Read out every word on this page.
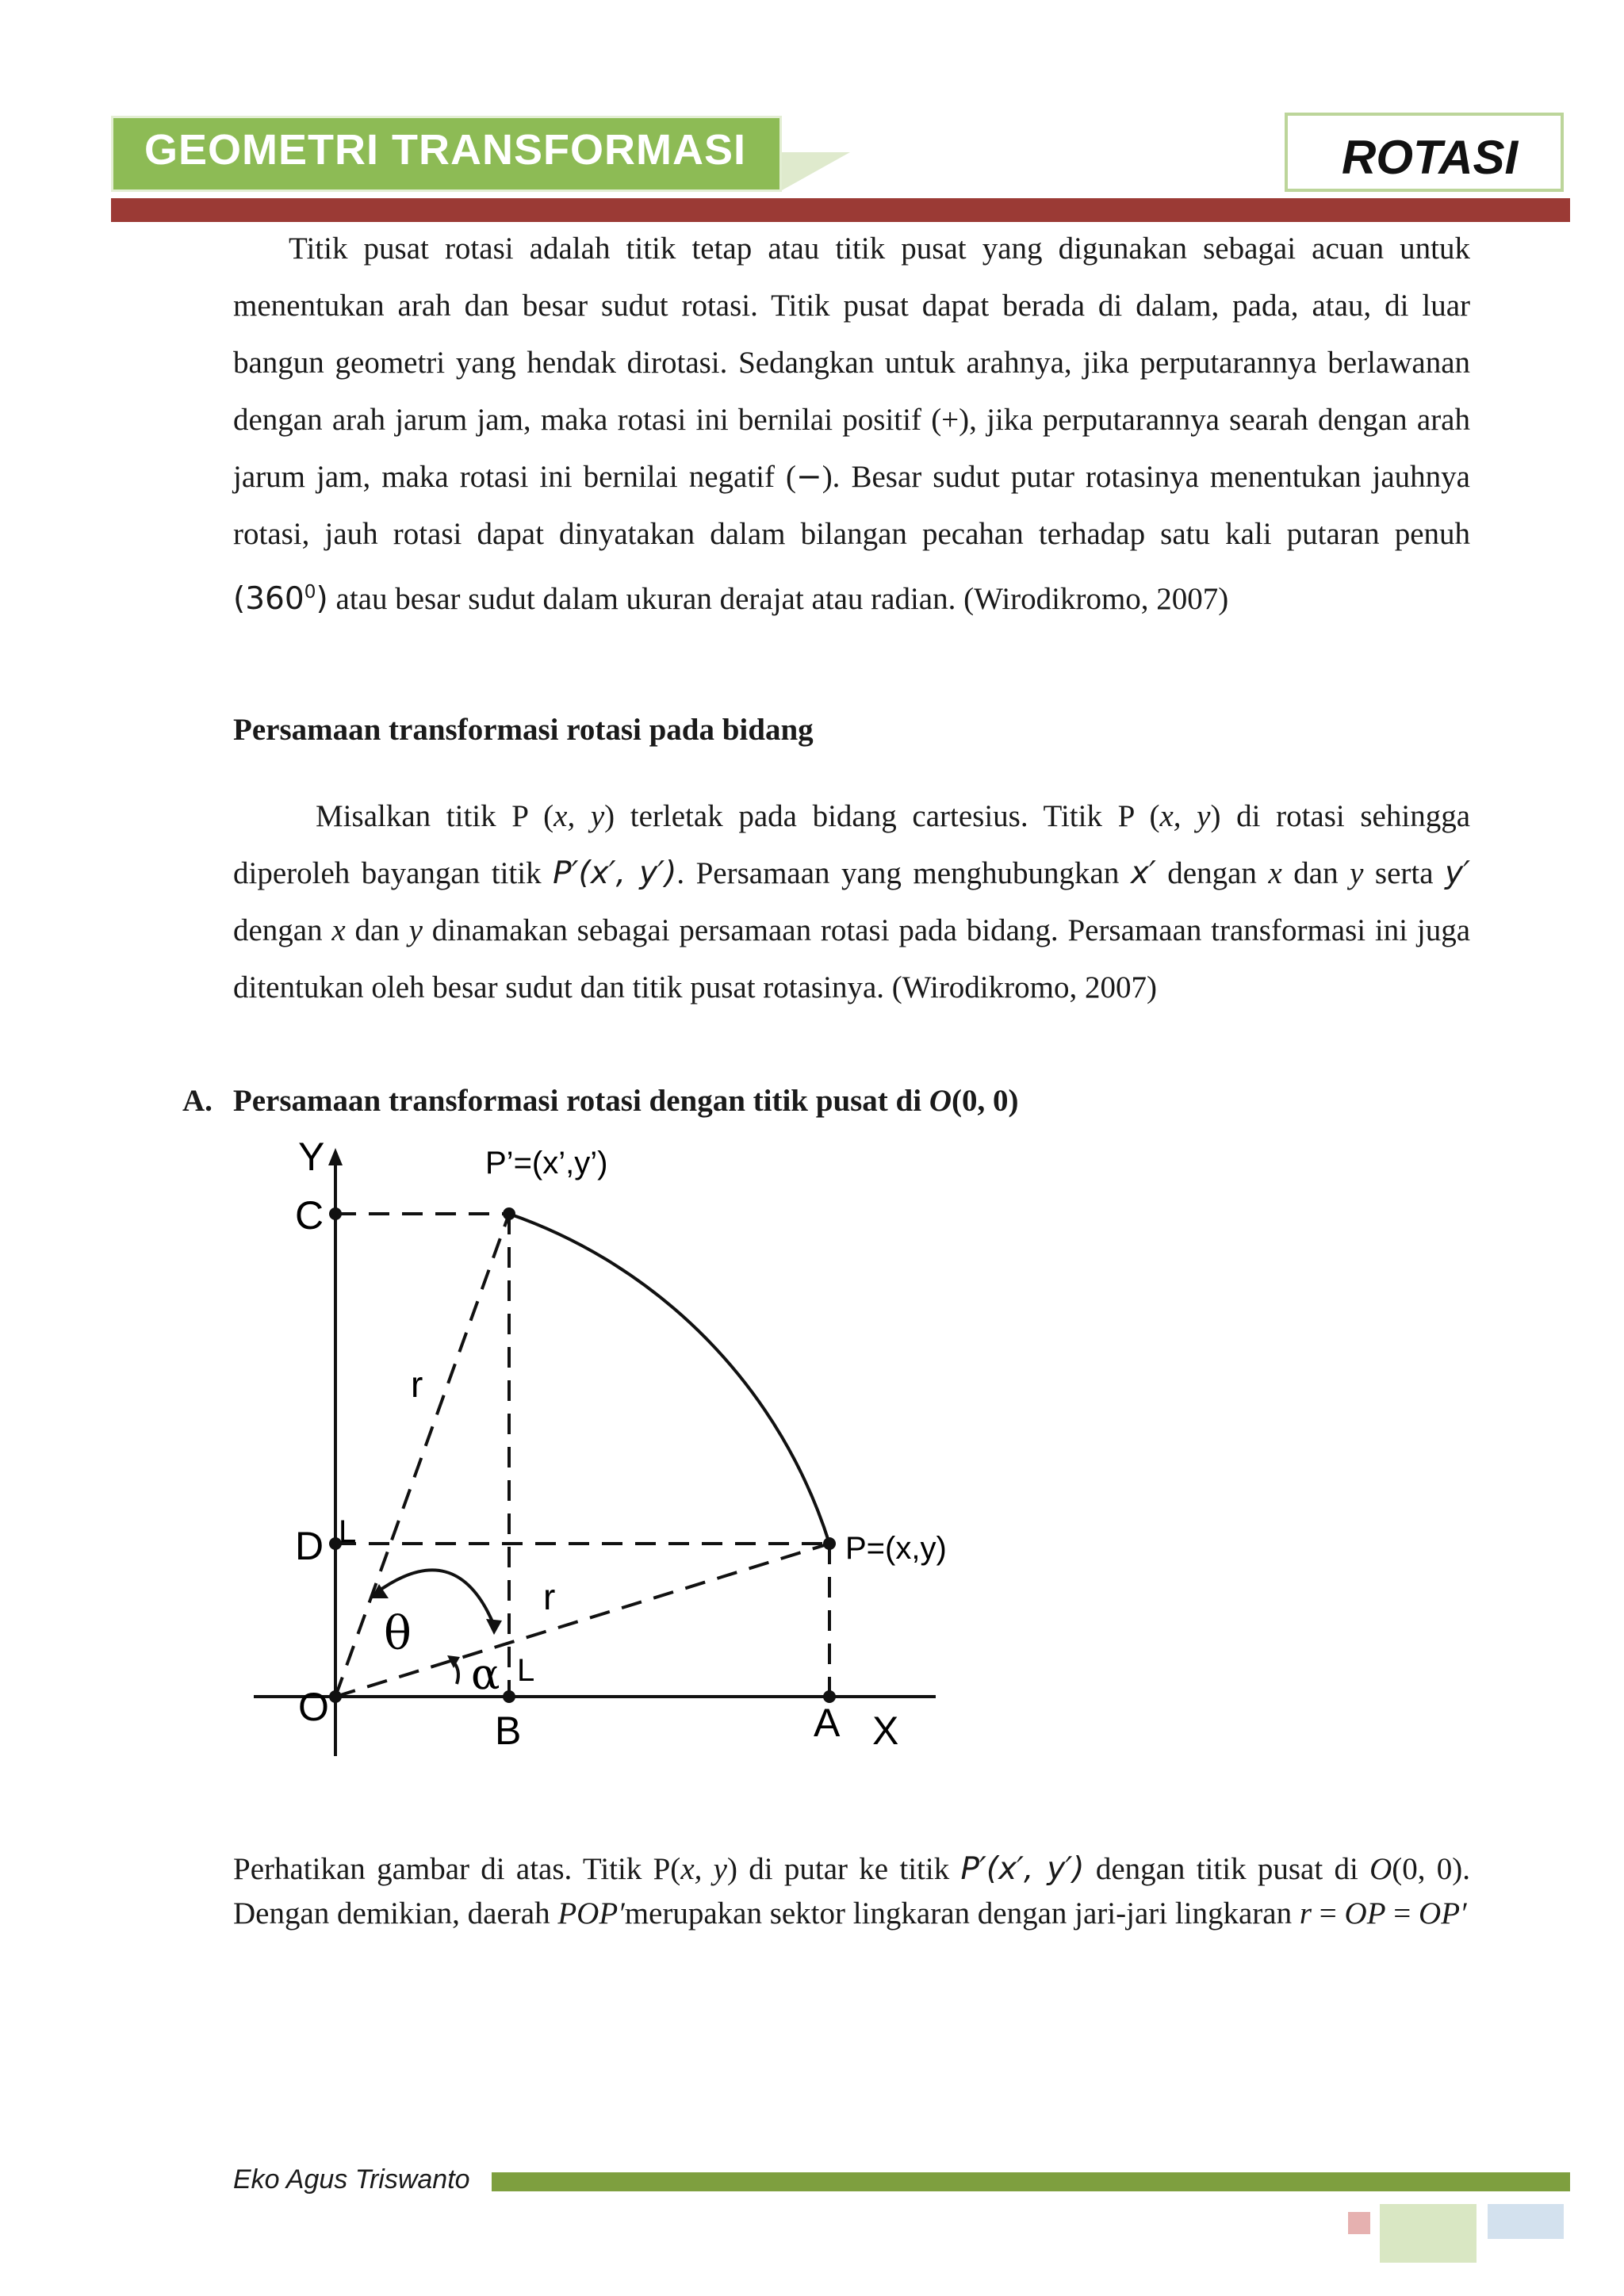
GEOMETRI TRANSFORMASI	ROTASI

Titik pusat rotasi adalah titik tetap atau titik pusat yang digunakan sebagai acuan untuk menentukan arah dan besar sudut rotasi. Titik pusat dapat berada di dalam, pada, atau, di luar bangun geometri yang hendak dirotasi. Sedangkan untuk arahnya, jika perputarannya berlawanan dengan arah jarum jam, maka rotasi ini bernilai positif (+), jika perputarannya searah dengan arah jarum jam, maka rotasi ini bernilai negatif (−). Besar sudut putar rotasinya menentukan jauhnya rotasi, jauh rotasi dapat dinyatakan dalam bilangan pecahan terhadap satu kali putaran penuh $(360^0)$ atau besar sudut dalam ukuran derajat atau radian. (Wirodikromo, 2007)

Persamaan transformasi rotasi pada bidang

Misalkan titik P (x, y) terletak pada bidang cartesius. Titik P (x, y) di rotasi sehingga diperoleh bayangan titik P′(x′, y′). Persamaan yang menghubungkan x′ dengan x dan y serta y′ dengan x dan y dinamakan sebagai persamaan rotasi pada bidang. Persamaan transformasi ini juga ditentukan oleh besar sudut dan titik pusat rotasinya. (Wirodikromo, 2007)

A. Persamaan transformasi rotasi dengan titik pusat di O(0, 0)

Y
C
P’=(x’,y’)
r
D L	P=(x,y)
r
θ
α L
O
B	A X

Perhatikan gambar di atas. Titik P(x, y) di putar ke titik P′(x′, y′) dengan titik pusat di O(0, 0). Dengan demikian, daerah POP′merupakan sektor lingkaran dengan jari-jari lingkaran r = OP = OP′

Eko Agus Triswanto
